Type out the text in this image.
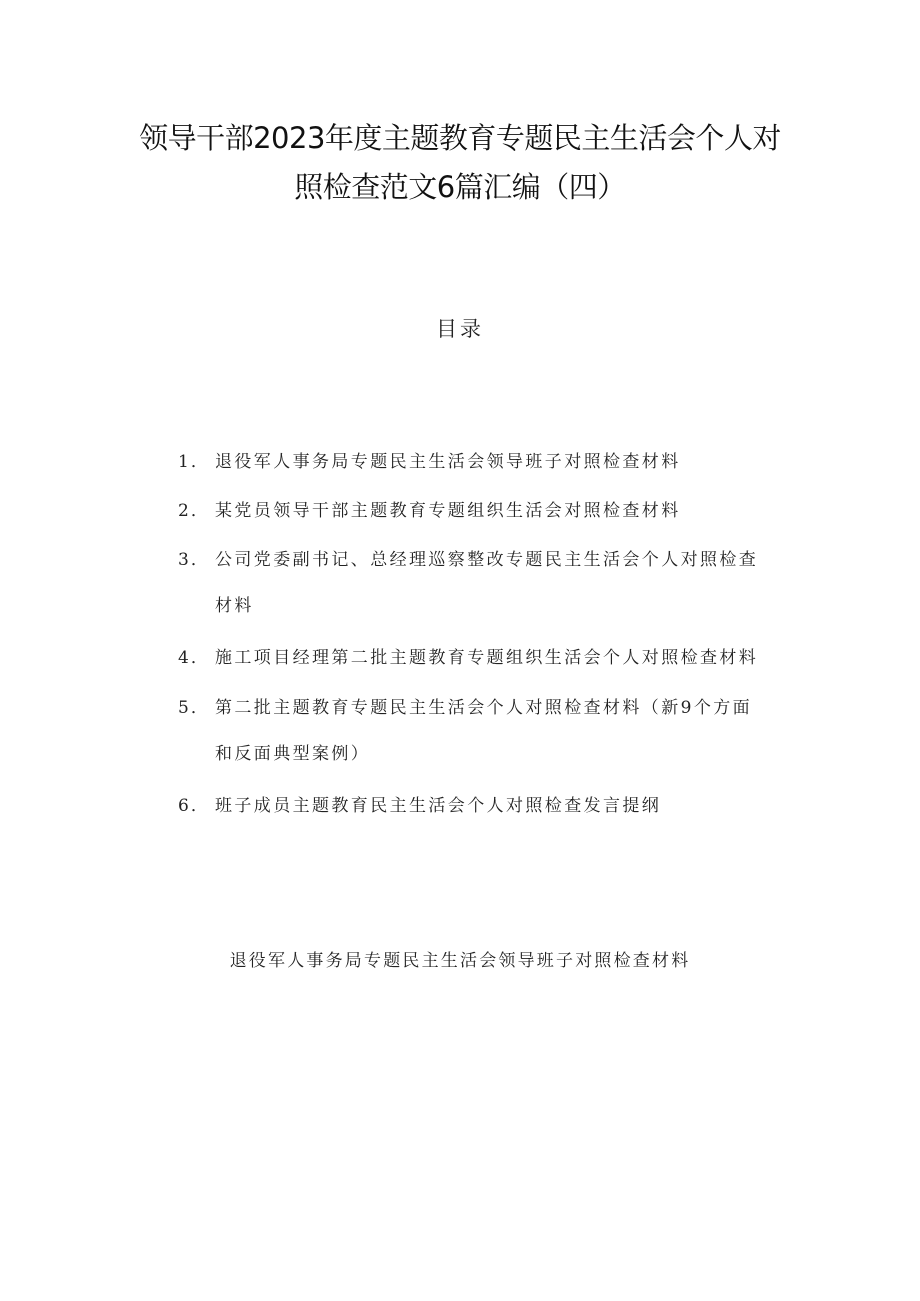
领导干部2023年度主题教育专题民主生活会个人对
照检查范文6篇汇编（四）
目录
1． 退役军人事务局专题民主生活会领导班子对照检查材料
2． 某党员领导干部主题教育专题组织生活会对照检查材料
3． 公司党委副书记、总经理巡察整改专题民主生活会个人对照检查
材料
4． 施工项目经理第二批主题教育专题组织生活会个人对照检查材料
5． 第二批主题教育专题民主生活会个人对照检查材料（新9个方面
和反面典型案例）
6． 班子成员主题教育民主生活会个人对照检查发言提纲
退役军人事务局专题民主生活会领导班子对照检查材料
